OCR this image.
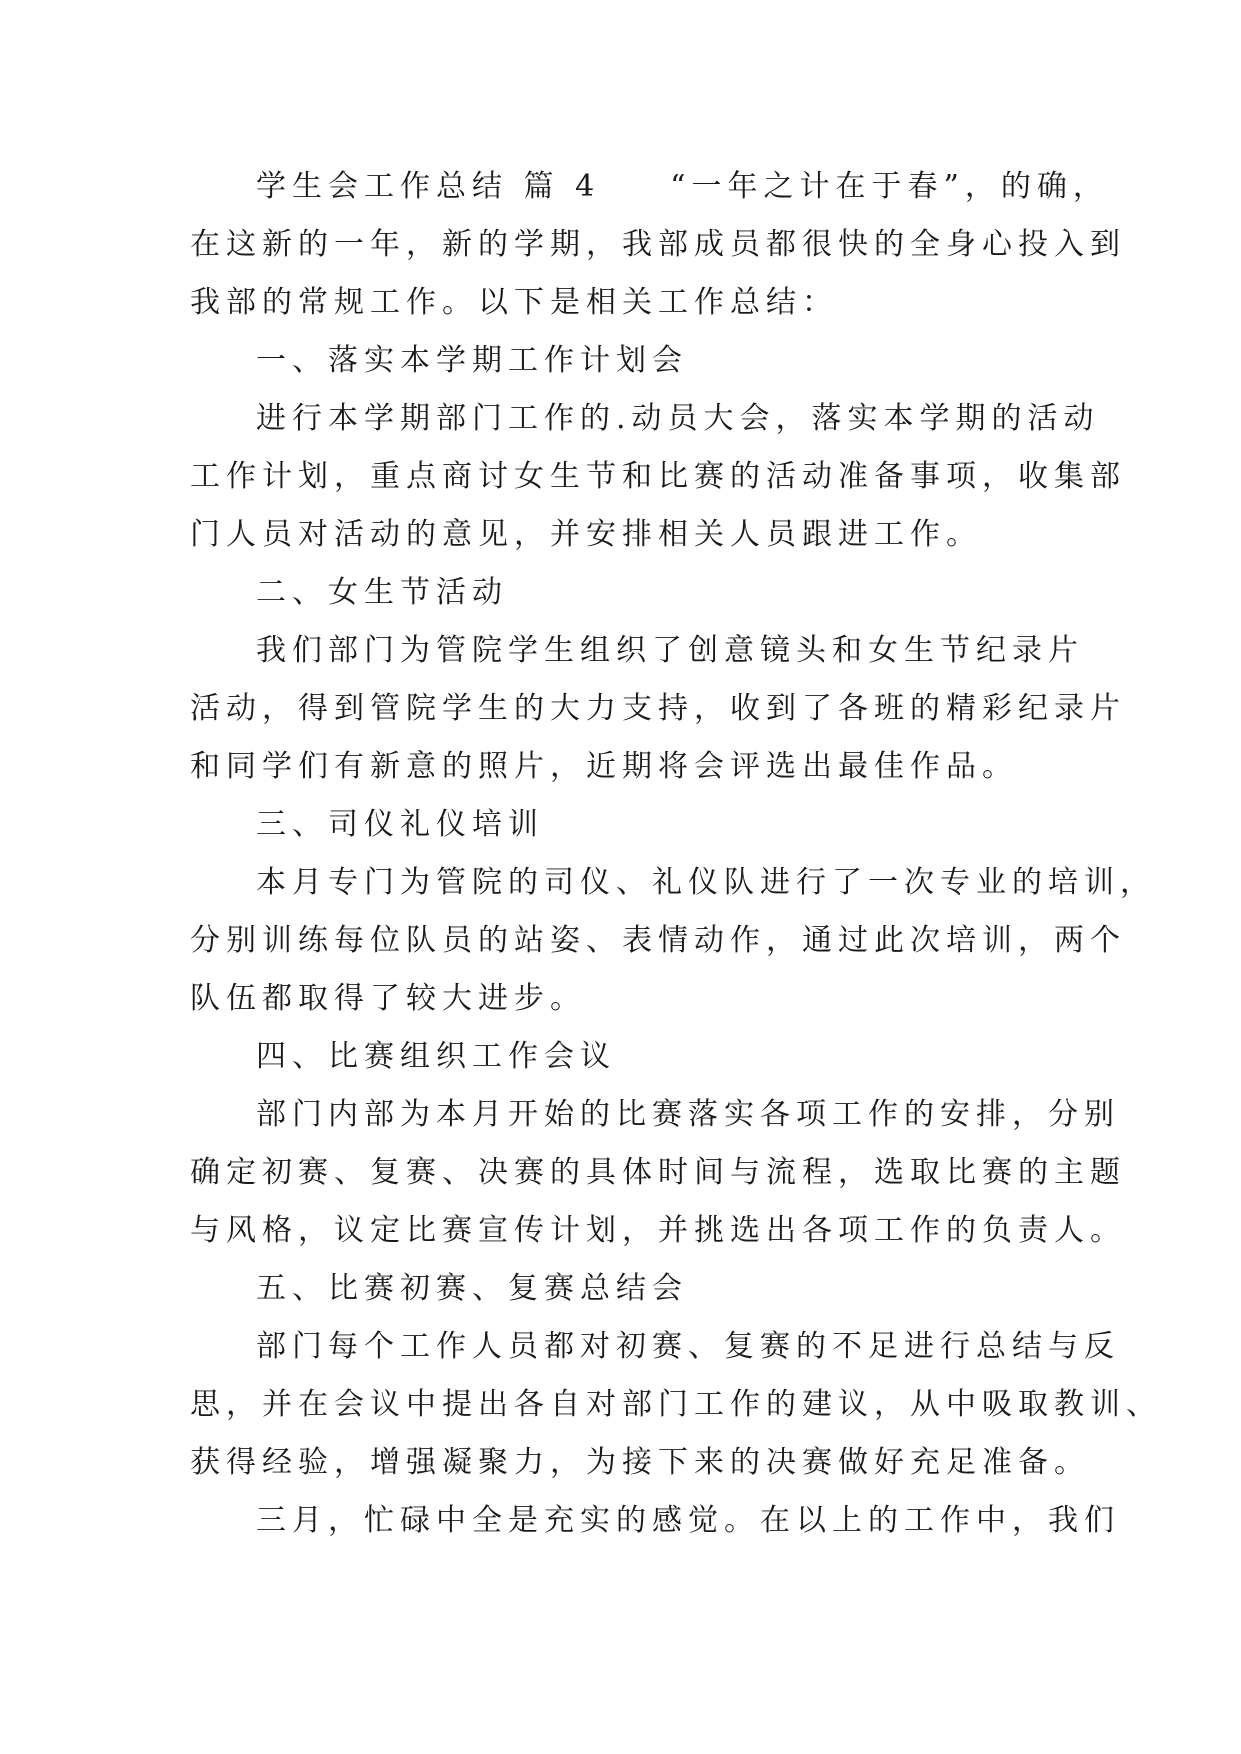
学生会工作总结 篇 4 “一年之计在于春”，的确，
在这新的一年，新的学期，我部成员都很快的全身心投入到
我部的常规工作。以下是相关工作总结：
一、落实本学期工作计划会
进行本学期部门工作的.动员大会，落实本学期的活动
工作计划，重点商讨女生节和比赛的活动准备事项，收集部
门人员对活动的意见，并安排相关人员跟进工作。
二、女生节活动
我们部门为管院学生组织了创意镜头和女生节纪录片
活动，得到管院学生的大力支持，收到了各班的精彩纪录片
和同学们有新意的照片，近期将会评选出最佳作品。
三、司仪礼仪培训
本月专门为管院的司仪、礼仪队进行了一次专业的培训，
分别训练每位队员的站姿、表情动作，通过此次培训，两个
队伍都取得了较大进步。
四、比赛组织工作会议
部门内部为本月开始的比赛落实各项工作的安排，分别
确定初赛、复赛、决赛的具体时间与流程，选取比赛的主题
与风格，议定比赛宣传计划，并挑选出各项工作的负责人。
五、比赛初赛、复赛总结会
部门每个工作人员都对初赛、复赛的不足进行总结与反
思，并在会议中提出各自对部门工作的建议，从中吸取教训、
获得经验，增强凝聚力，为接下来的决赛做好充足准备。
三月，忙碌中全是充实的感觉。在以上的工作中，我们
